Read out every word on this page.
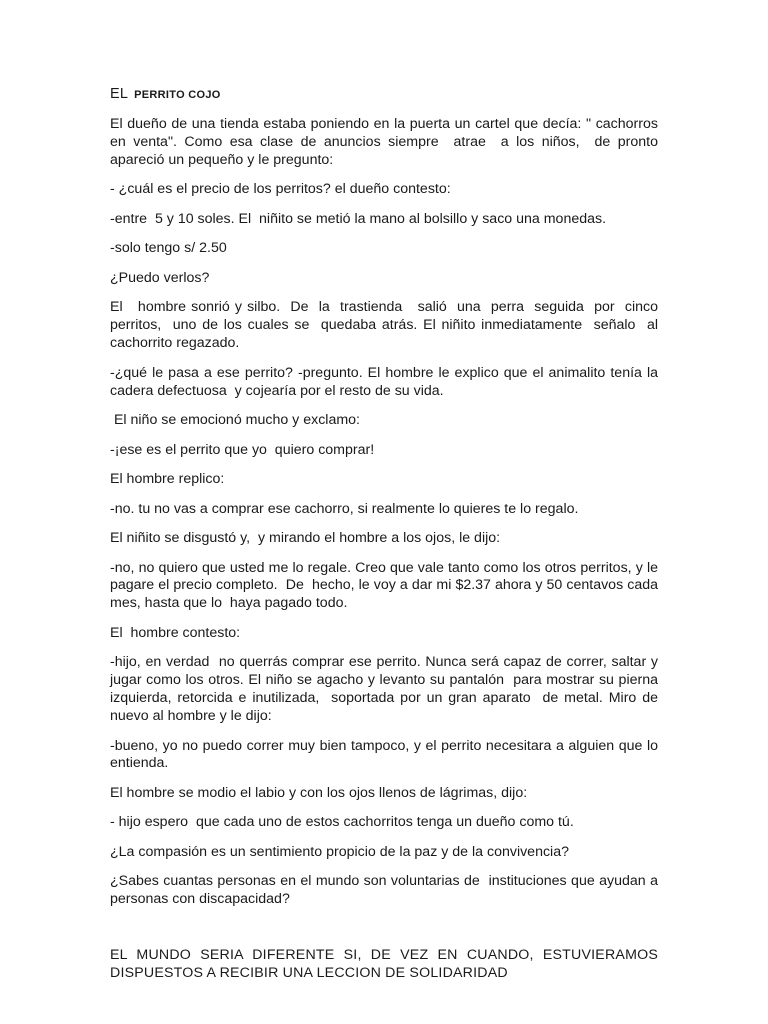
EL PERRITO COJO

El dueño de una tienda estaba poniendo en la puerta un cartel que decía: " cachorros en venta". Como esa clase de anuncios siempre  atrae  a los niños,  de pronto apareció un pequeño y le pregunto:

- ¿cuál es el precio de los perritos? el dueño contesto:

-entre  5 y 10 soles. El  niñito se metió la mano al bolsillo y saco una monedas.

-solo tengo s/ 2.50

¿Puedo verlos?

El   hombre sonrió y silbo.  De  la  trastienda   salió  una  perra  seguida  por  cinco perritos,  uno de los cuales se  quedaba atrás. El niñito inmediatamente  señalo  al cachorrito regazado.

-¿qué le pasa a ese perrito? -pregunto. El hombre le explico que el animalito tenía la cadera defectuosa  y cojearía por el resto de su vida.

El niño se emocionó mucho y exclamo:

-¡ese es el perrito que yo  quiero comprar!

El hombre replico:

-no. tu no vas a comprar ese cachorro, si realmente lo quieres te lo regalo.

El niñito se disgustó y,  y mirando el hombre a los ojos, le dijo:

-no, no quiero que usted me lo regale. Creo que vale tanto como los otros perritos, y le pagare el precio completo.  De  hecho, le voy a dar mi $2.37 ahora y 50 centavos cada mes, hasta que lo  haya pagado todo.

El  hombre contesto:

-hijo, en verdad  no querrás comprar ese perrito. Nunca será capaz de correr, saltar y jugar como los otros. El niño se agacho y levanto su pantalón  para mostrar su pierna izquierda, retorcida e inutilizada,  soportada por un gran aparato  de metal. Miro de nuevo al hombre y le dijo:

-bueno, yo no puedo correr muy bien tampoco, y el perrito necesitara a alguien que lo entienda.

El hombre se modio el labio y con los ojos llenos de lágrimas, dijo:

- hijo espero  que cada uno de estos cachorritos tenga un dueño como tú.

¿La compasión es un sentimiento propicio de la paz y de la convivencia?

¿Sabes cuantas personas en el mundo son voluntarias de  instituciones que ayudan a personas con discapacidad?

EL MUNDO SERIA DIFERENTE SI, DE VEZ EN CUANDO, ESTUVIERAMOS DISPUESTOS A RECIBIR UNA LECCION DE SOLIDARIDAD
